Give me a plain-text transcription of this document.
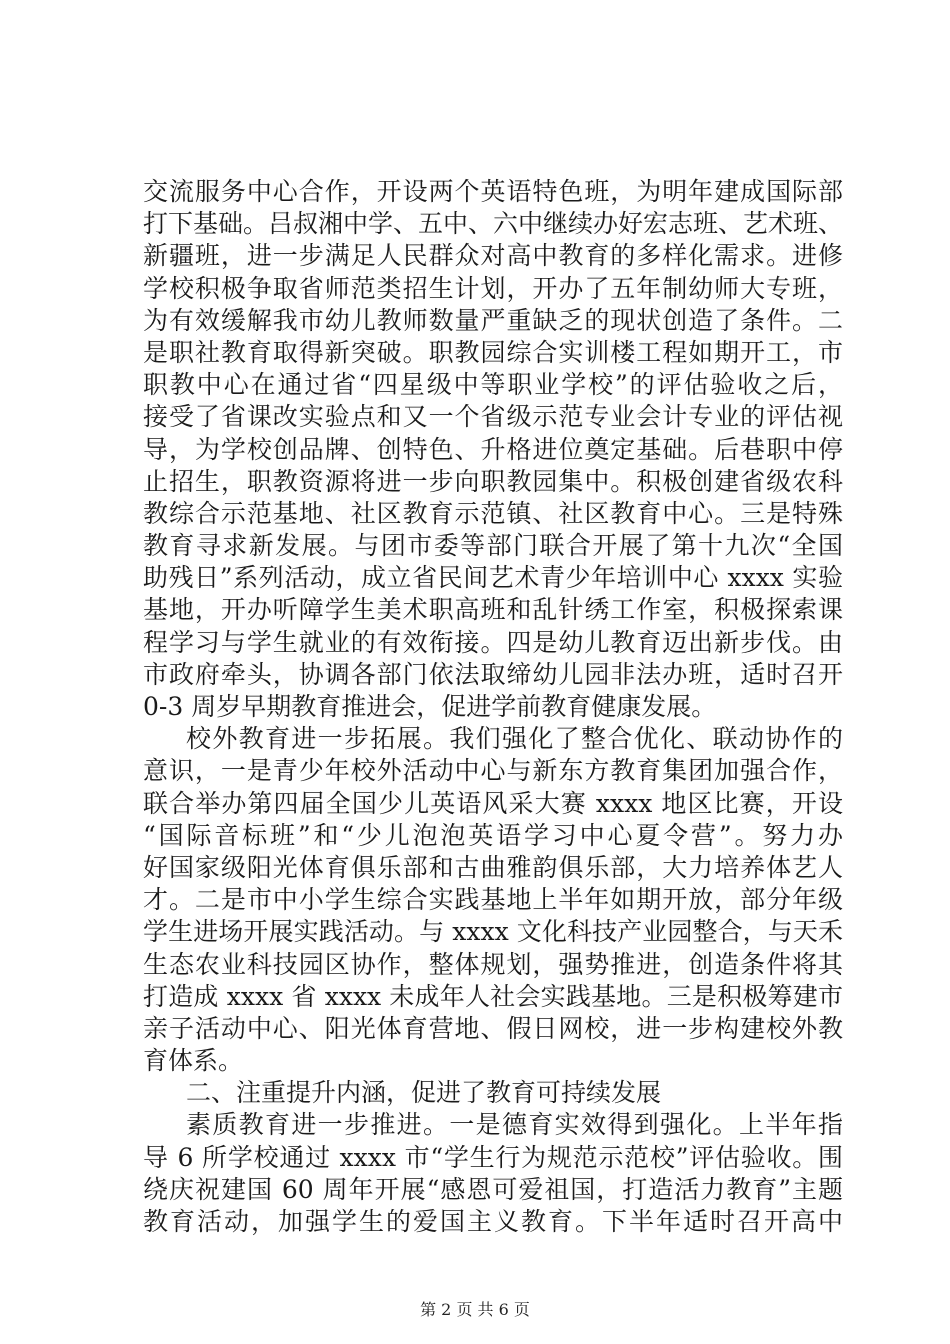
交流服务中心合作，开设两个英语特色班，为明年建成国际部
打下基础。吕叔湘中学、五中、六中继续办好宏志班、艺术班、
新疆班，进一步满足人民群众对高中教育的多样化需求。进修
学校积极争取省师范类招生计划，开办了五年制幼师大专班，
为有效缓解我市幼儿教师数量严重缺乏的现状创造了条件。二
是职社教育取得新突破。职教园综合实训楼工程如期开工，市
职教中心在通过省“四星级中等职业学校”的评估验收之后，
接受了省课改实验点和又一个省级示范专业会计专业的评估视
导，为学校创品牌、创特色、升格进位奠定基础。后巷职中停
止招生，职教资源将进一步向职教园集中。积极创建省级农科
教综合示范基地、社区教育示范镇、社区教育中心。三是特殊
教育寻求新发展。与团市委等部门联合开展了第十九次“全国
助残日”系列活动，成立省民间艺术青少年培训中心 xxxx 实验
基地，开办听障学生美术职高班和乱针绣工作室，积极探索课
程学习与学生就业的有效衔接。四是幼儿教育迈出新步伐。由
市政府牵头，协调各部门依法取缔幼儿园非法办班，适时召开
0-3 周岁早期教育推进会，促进学前教育健康发展。
校外教育进一步拓展。我们强化了整合优化、联动协作的
意识，一是青少年校外活动中心与新东方教育集团加强合作，
联合举办第四届全国少儿英语风采大赛 xxxx 地区比赛，开设
“国际音标班”和“少儿泡泡英语学习中心夏令营”。努力办
好国家级阳光体育俱乐部和古曲雅韵俱乐部，大力培养体艺人
才。二是市中小学生综合实践基地上半年如期开放，部分年级
学生进场开展实践活动。与 xxxx 文化科技产业园整合，与天禾
生态农业科技园区协作，整体规划，强势推进，创造条件将其
打造成 xxxx 省 xxxx 未成年人社会实践基地。三是积极筹建市
亲子活动中心、阳光体育营地、假日网校，进一步构建校外教
育体系。
二、注重提升内涵，促进了教育可持续发展
素质教育进一步推进。一是德育实效得到强化。上半年指
导 6 所学校通过 xxxx 市“学生行为规范示范校”评估验收。围
绕庆祝建国 60 周年开展“感恩可爱祖国，打造活力教育”主题
教育活动，加强学生的爱国主义教育。下半年适时召开高中
第 2 页 共 6 页
